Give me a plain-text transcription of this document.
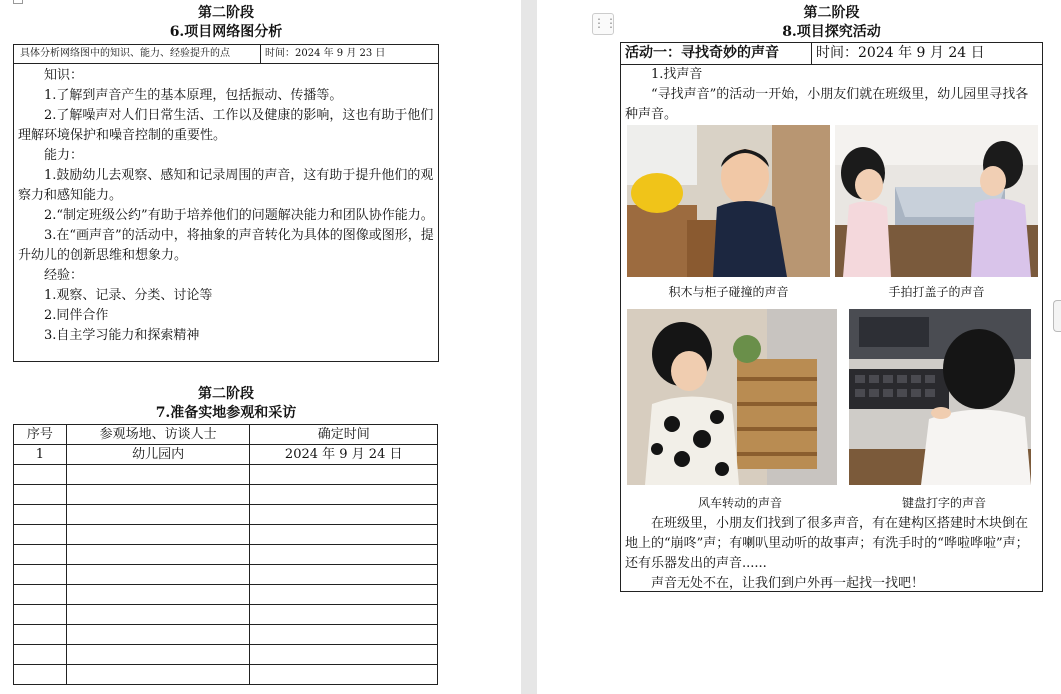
第二阶段
6.项目网络图分析
具体分析网络图中的知识、能力、经验提升的点	时间：2024 年 9 月 23 日

知识：

1.了解到声音产生的基本原理，包括振动、传播等。

2.了解噪声对人们日常生活、工作以及健康的影响，这也有助于他们理解环境保护和噪音控制的重要性。

能力：

1.鼓励幼儿去观察、感知和记录周围的声音，这有助于提升他们的观察力和感知能力。

2.“制定班级公约”有助于培养他们的问题解决能力和团队协作能力。

3.在“画声音”的活动中，将抽象的声音转化为具体的图像或图形，提升幼儿的创新思维和想象力。

经验：

1.观察、记录、分类、讨论等

2.同伴合作

3.自主学习能力和探索精神

第二阶段
7.准备实地参观和采访
序号	参观场地、访谈人士	确定时间
1	幼儿园内	2024 年 9 月 24 日

⋮⋮
第二阶段
8.项目探究活动
活动一：寻找奇妙的声音	时间：2024 年 9 月 24 日

1.找声音

“寻找声音”的活动一开始，小朋友们就在班级里，幼儿园里寻找各种声音。

积木与柜子碰撞的声音	手拍打盖子的声音
风车转动的声音	键盘打字的声音

在班级里，小朋友们找到了很多声音，有在建构区搭建时木块倒在地上的“崩咚”声；有喇叭里动听的故事声；有洗手时的“哗啦哗啦”声；还有乐器发出的声音......

声音无处不在，让我们到户外再一起找一找吧！
